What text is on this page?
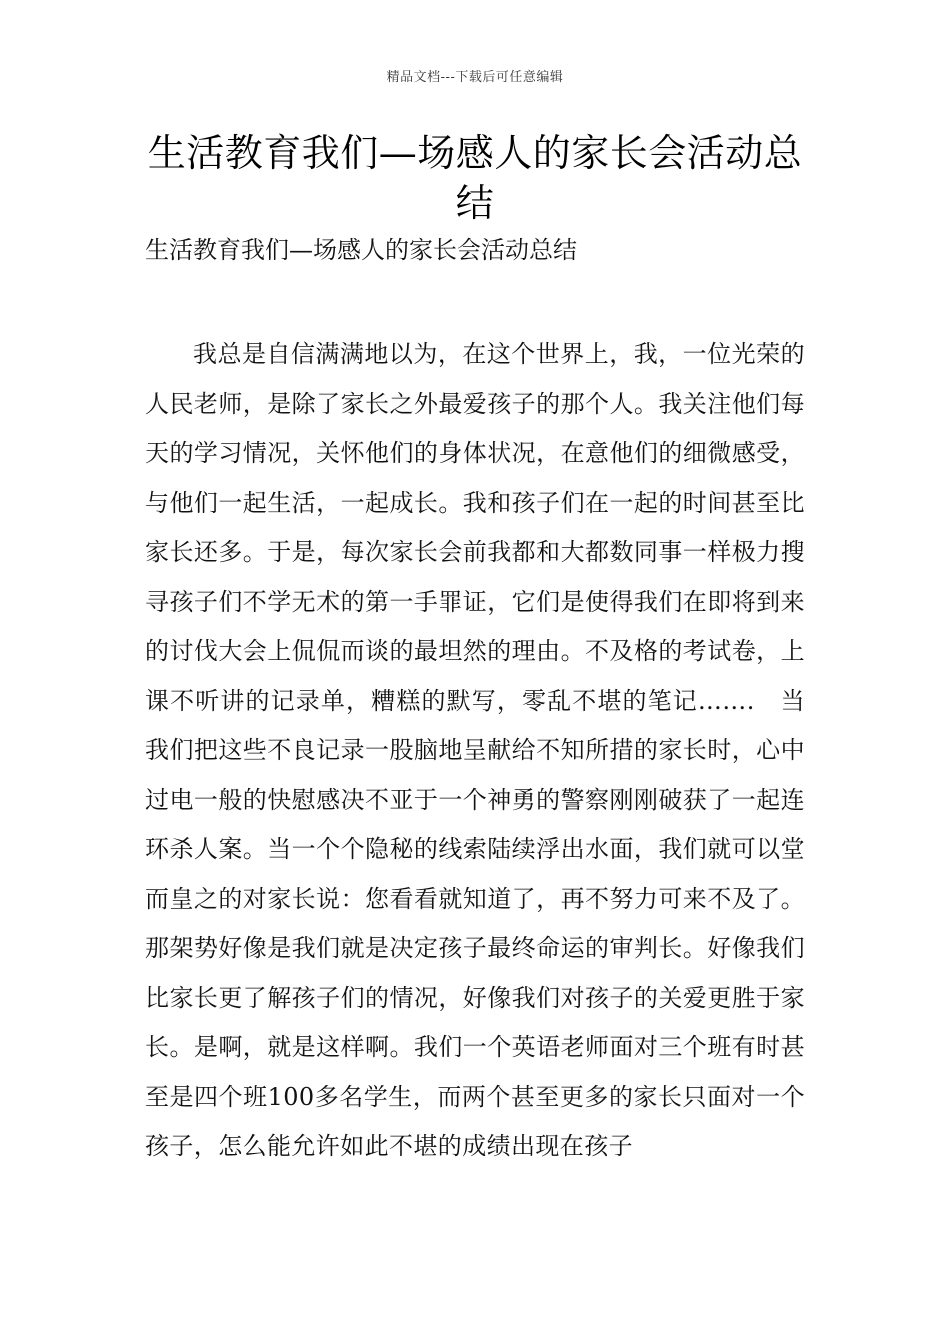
精品文档---下载后可任意编辑
生活教育我们—场感人的家长会活动总结

生活教育我们—场感人的家长会活动总结

我总是自信满满地以为，在这个世界上，我，一位光荣的人民老师，是除了家长之外最爱孩子的那个人。我关注他们每天的学习情况，关怀他们的身体状况，在意他们的细微感受，与他们一起生活，一起成长。我和孩子们在一起的时间甚至比家长还多。于是，每次家长会前我都和大都数同事一样极力搜寻孩子们不学无术的第一手罪证，它们是使得我们在即将到来的讨伐大会上侃侃而谈的最坦然的理由。不及格的考试卷，上课不听讲的记录单，糟糕的默写，零乱不堪的笔记…….　当我们把这些不良记录一股脑地呈献给不知所措的家长时，心中过电一般的快慰感决不亚于一个神勇的警察刚刚破获了一起连环杀人案。当一个个隐秘的线索陆续浮出水面，我们就可以堂而皇之的对家长说：您看看就知道了，再不努力可来不及了。那架势好像是我们就是决定孩子最终命运的审判长。好像我们比家长更了解孩子们的情况，好像我们对孩子的关爱更胜于家长。是啊，就是这样啊。我们一个英语老师面对三个班有时甚至是四个班100多名学生，而两个甚至更多的家长只面对一个孩子，怎么能允许如此不堪的成绩出现在孩子
